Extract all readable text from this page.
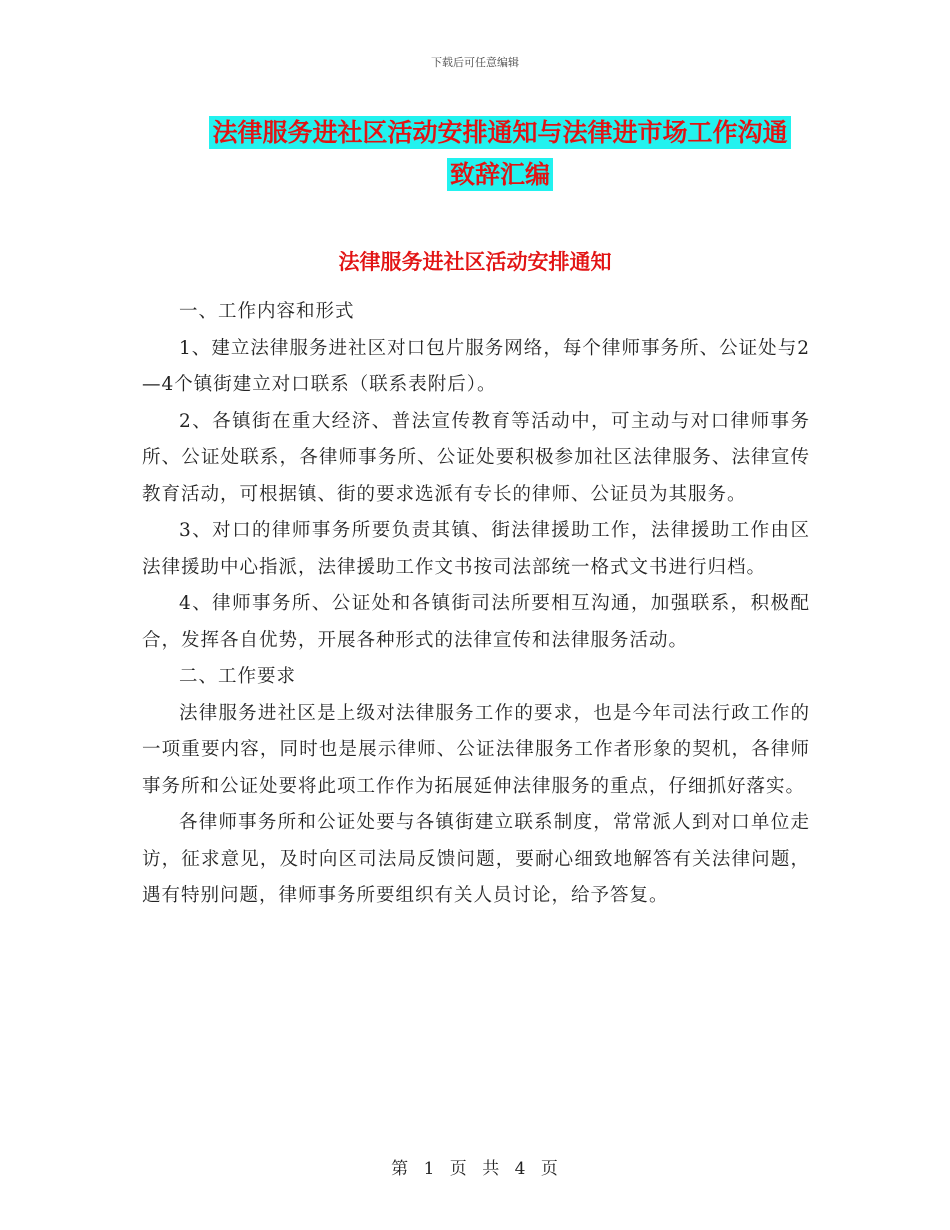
下载后可任意编辑
法律服务进社区活动安排通知与法律进市场工作沟通
致辞汇编
法律服务进社区活动安排通知

一、工作内容和形式

1、建立法律服务进社区对口包片服务网络，每个律师事务所、公证处与2—4个镇街建立对口联系（联系表附后）。

2、各镇街在重大经济、普法宣传教育等活动中，可主动与对口律师事务所、公证处联系，各律师事务所、公证处要积极参加社区法律服务、法律宣传教育活动，可根据镇、街的要求选派有专长的律师、公证员为其服务。

3、对口的律师事务所要负责其镇、街法律援助工作，法律援助工作由区法律援助中心指派，法律援助工作文书按司法部统一格式文书进行归档。

4、律师事务所、公证处和各镇街司法所要相互沟通，加强联系，积极配合，发挥各自优势，开展各种形式的法律宣传和法律服务活动。

二、工作要求

法律服务进社区是上级对法律服务工作的要求，也是今年司法行政工作的一项重要内容，同时也是展示律师、公证法律服务工作者形象的契机，各律师事务所和公证处要将此项工作作为拓展延伸法律服务的重点，仔细抓好落实。

各律师事务所和公证处要与各镇街建立联系制度，常常派人到对口单位走访，征求意见，及时向区司法局反馈问题，要耐心细致地解答有关法律问题，遇有特别问题，律师事务所要组织有关人员讨论，给予答复。

第 1 页 共 4 页
